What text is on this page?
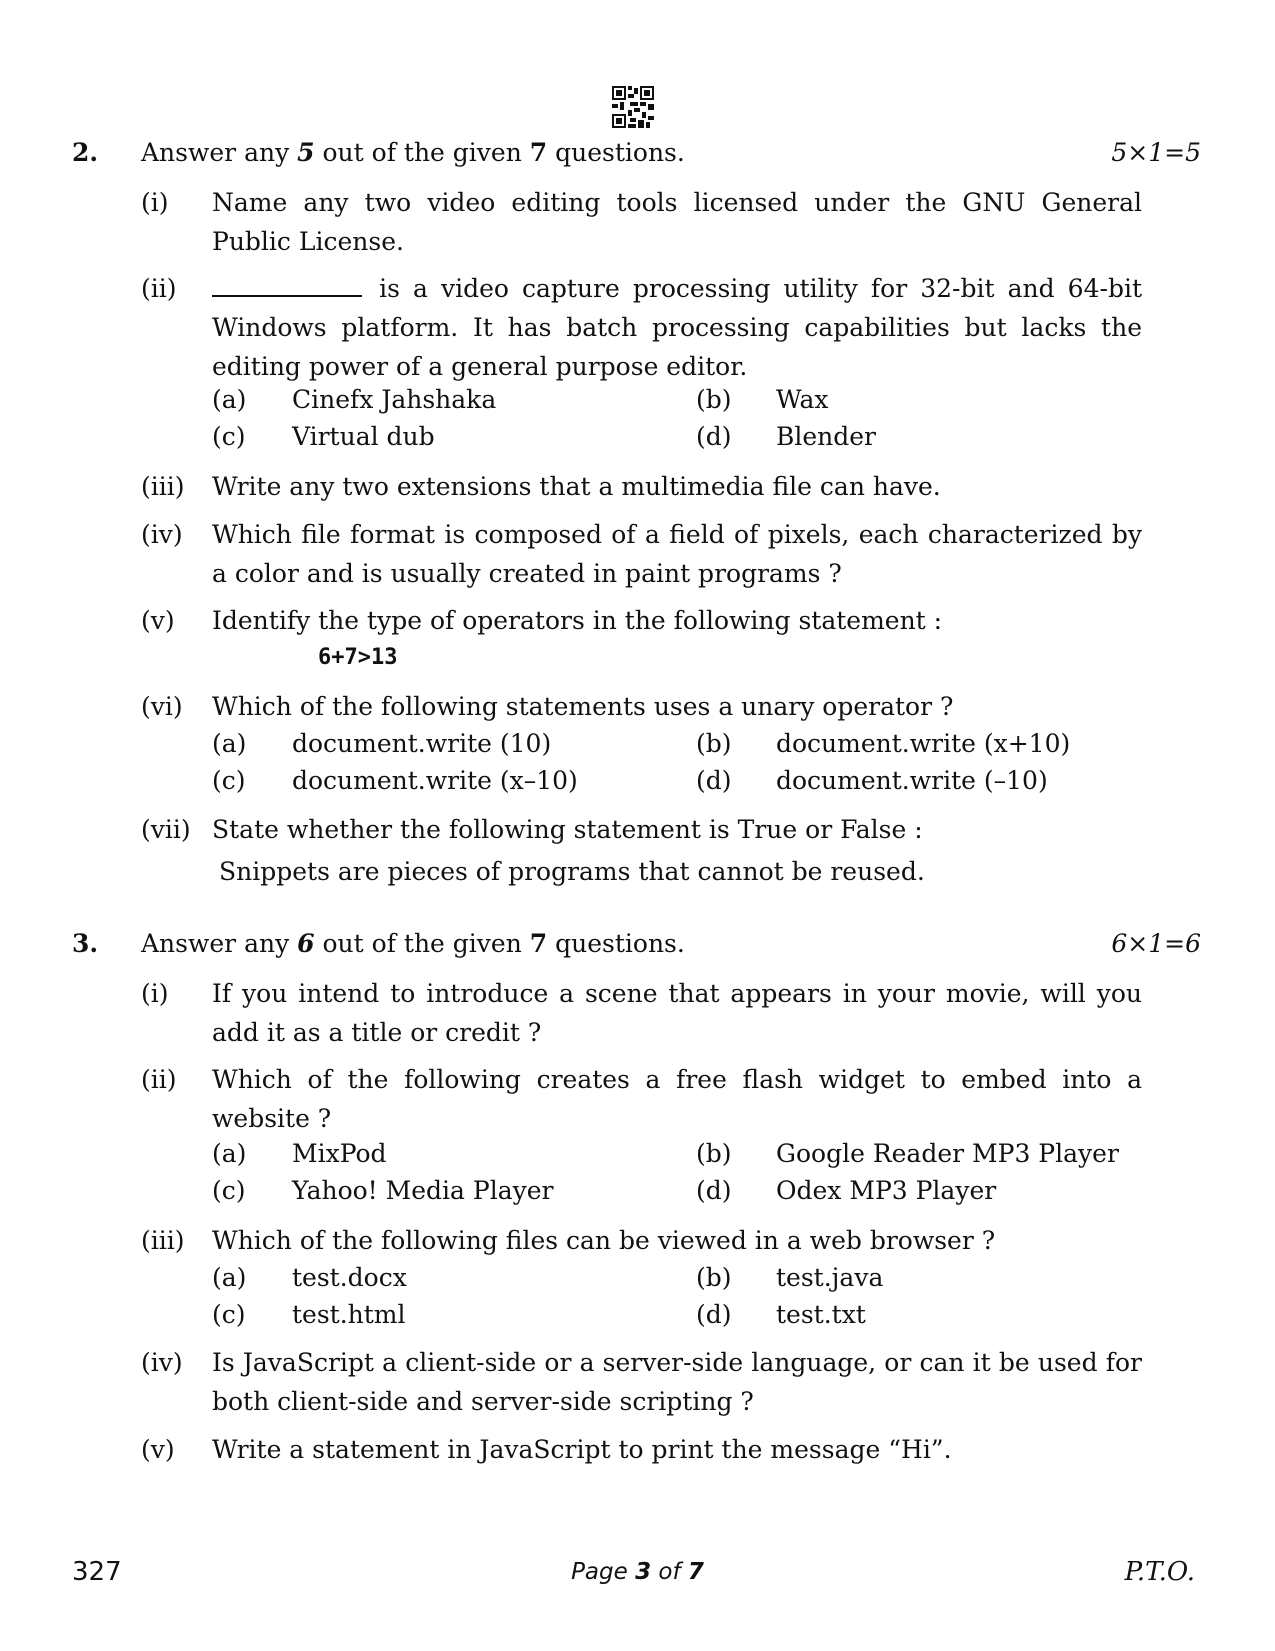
2. Answer any 5 out of the given 7 questions.	5×1=5
(i) Name any two video editing tools licensed under the GNU General Public License.
(ii)	is a video capture processing utility for 32-bit and 64-bit Windows platform. It has batch processing capabilities but lacks the editing power of a general purpose editor.
(a) Cinefx Jahshaka	(b) Wax
(c) Virtual dub	(d) Blender
(iii) Write any two extensions that a multimedia file can have.
(iv) Which file format is composed of a field of pixels, each characterized by a color and is usually created in paint programs ?
(v) Identify the type of operators in the following statement :
6+7>13
(vi) Which of the following statements uses a unary operator ?
(a) document.write (10)	(b) document.write (x+10)
(c) document.write (x–10)	(d) document.write (–10)
(vii) State whether the following statement is True or False :
Snippets are pieces of programs that cannot be reused.
3. Answer any 6 out of the given 7 questions.	6×1=6
(i) If you intend to introduce a scene that appears in your movie, will you add it as a title or credit ?
(ii) Which of the following creates a free flash widget to embed into a website ?
(a) MixPod	(b) Google Reader MP3 Player
(c) Yahoo! Media Player	(d) Odex MP3 Player
(iii) Which of the following files can be viewed in a web browser ?
(a) test.docx	(b) test.java
(c) test.html	(d) test.txt
(iv) Is JavaScript a client-side or a server-side language, or can it be used for both client-side and server-side scripting ?
(v) Write a statement in JavaScript to print the message “Hi”.
327	Page 3 of 7	P.T.O.
